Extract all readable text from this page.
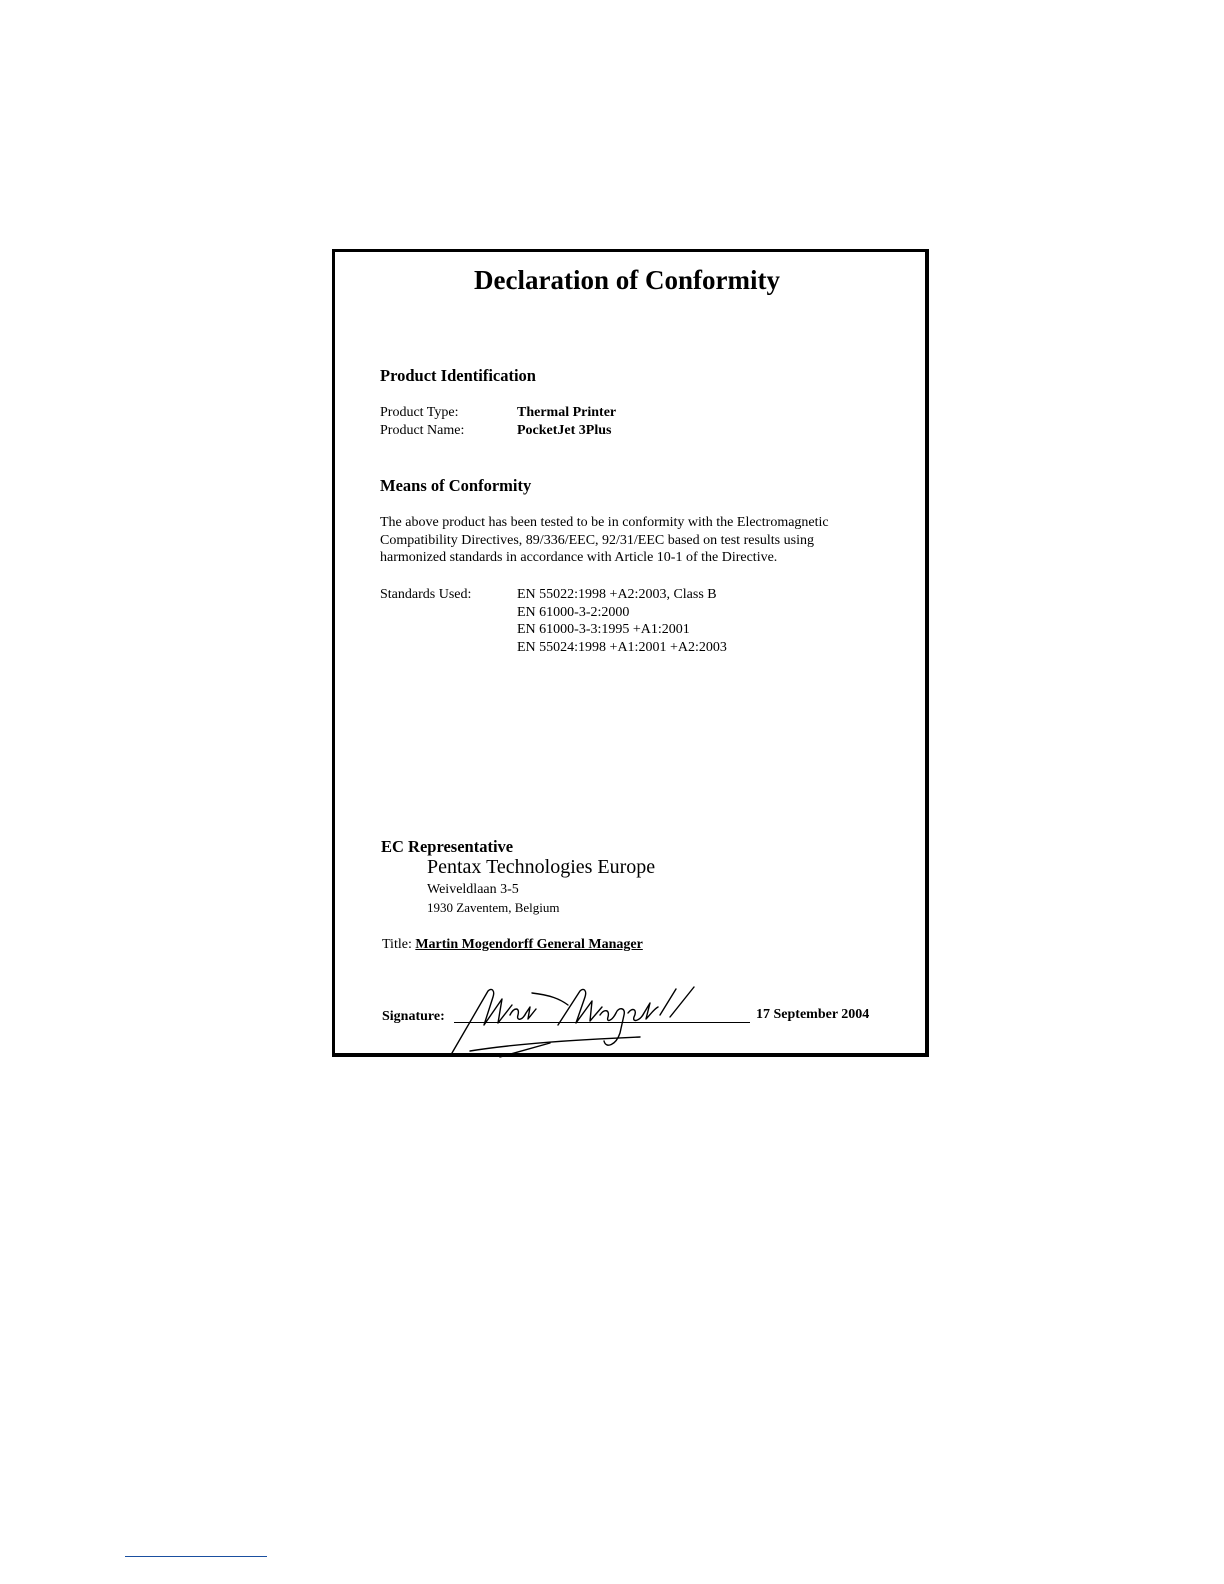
Declaration of Conformity
Product Identification
Product Type:	Thermal Printer
Product Name:	PocketJet 3Plus
Means of Conformity
The above product has been tested to be in conformity with the Electromagnetic
Compatibility Directives, 89/336/EEC, 92/31/EEC based on test results using
harmonized standards in accordance with Article 10-1 of the Directive.
Standards Used:	EN 55022:1998 +A2:2003, Class B
EN 61000-3-2:2000
EN 61000-3-3:1995 +A1:2001
EN 55024:1998 +A1:2001 +A2:2003
EC Representative
Pentax Technologies Europe
Weiveldlaan 3-5
1930 Zaventem, Belgium
Title: Martin Mogendorff General Manager
Signature:	17 September 2004
